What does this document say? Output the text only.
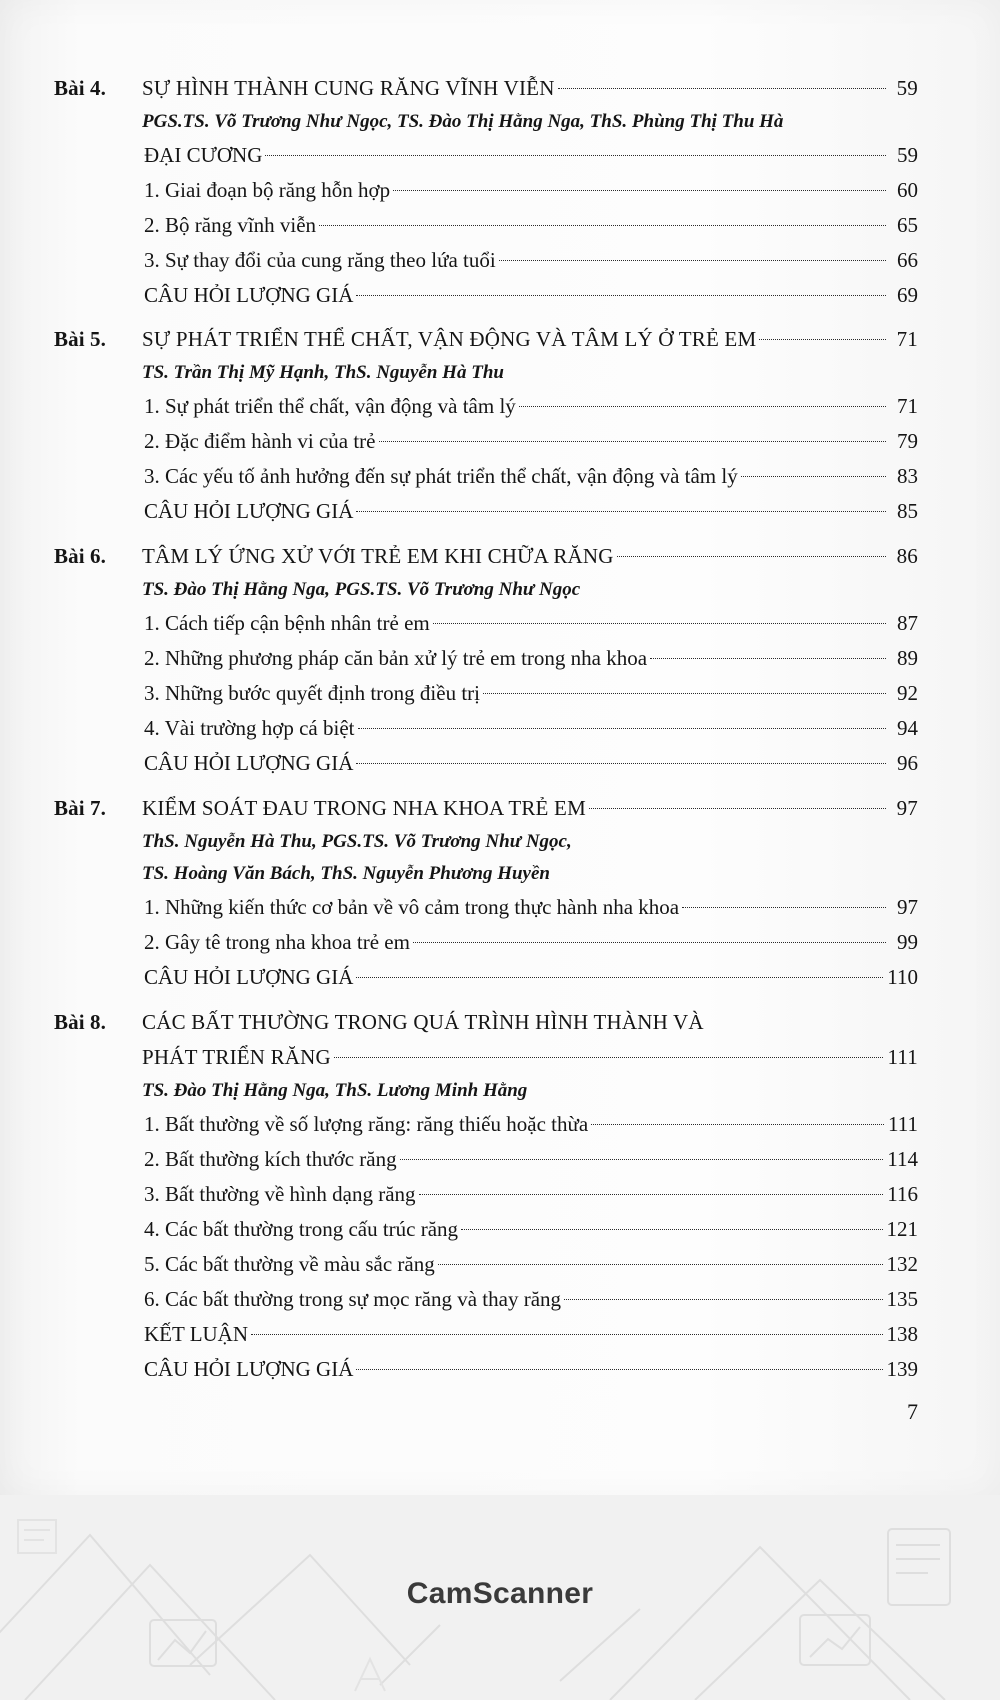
Bài 4.	SỰ HÌNH THÀNH CUNG RĂNG VĨNH VIỄN	59
PGS.TS. Võ Trương Như Ngọc, TS. Đào Thị Hằng Nga, ThS. Phùng Thị Thu Hà
ĐẠI CƯƠNG	59
1. Giai đoạn bộ răng hỗn hợp	60
2. Bộ răng vĩnh viễn	65
3. Sự thay đổi của cung răng theo lứa tuổi	66
CÂU HỎI LƯỢNG GIÁ	69
Bài 5.	SỰ PHÁT TRIỂN THỂ CHẤT, VẬN ĐỘNG VÀ TÂM LÝ Ở TRẺ EM	71
TS. Trần Thị Mỹ Hạnh, ThS. Nguyễn Hà Thu
1. Sự phát triển thể chất, vận động và tâm lý	71
2. Đặc điểm hành vi của trẻ	79
3. Các yếu tố ảnh hưởng đến sự phát triển thể chất, vận động và tâm lý	83
CÂU HỎI LƯỢNG GIÁ	85
Bài 6.	TÂM LÝ ỨNG XỬ VỚI TRẺ EM KHI CHỮA RĂNG	86
TS. Đào Thị Hằng Nga, PGS.TS. Võ Trương Như Ngọc
1. Cách tiếp cận bệnh nhân trẻ em	87
2. Những phương pháp căn bản xử lý trẻ em trong nha khoa	89
3. Những bước quyết định trong điều trị	92
4. Vài trường hợp cá biệt	94
CÂU HỎI LƯỢNG GIÁ	96
Bài 7.	KIỂM SOÁT ĐAU TRONG NHA KHOA TRẺ EM	97
ThS. Nguyễn Hà Thu, PGS.TS. Võ Trương Như Ngọc,
TS. Hoàng Văn Bách, ThS. Nguyễn Phương Huyền
1. Những kiến thức cơ bản về vô cảm trong thực hành nha khoa	97
2. Gây tê trong nha khoa trẻ em	99
CÂU HỎI LƯỢNG GIÁ	110
Bài 8.	CÁC BẤT THƯỜNG TRONG QUÁ TRÌNH HÌNH THÀNH VÀ
PHÁT TRIỂN RĂNG	111
TS. Đào Thị Hằng Nga, ThS. Lương Minh Hằng
1. Bất thường về số lượng răng: răng thiếu hoặc thừa	111
2. Bất thường kích thước răng	114
3. Bất thường về hình dạng răng	116
4. Các bất thường trong cấu trúc răng	121
5. Các bất thường về màu sắc răng	132
6. Các bất thường trong sự mọc răng và thay răng	135
KẾT LUẬN	138
CÂU HỎI LƯỢNG GIÁ	139
7
CamScanner
